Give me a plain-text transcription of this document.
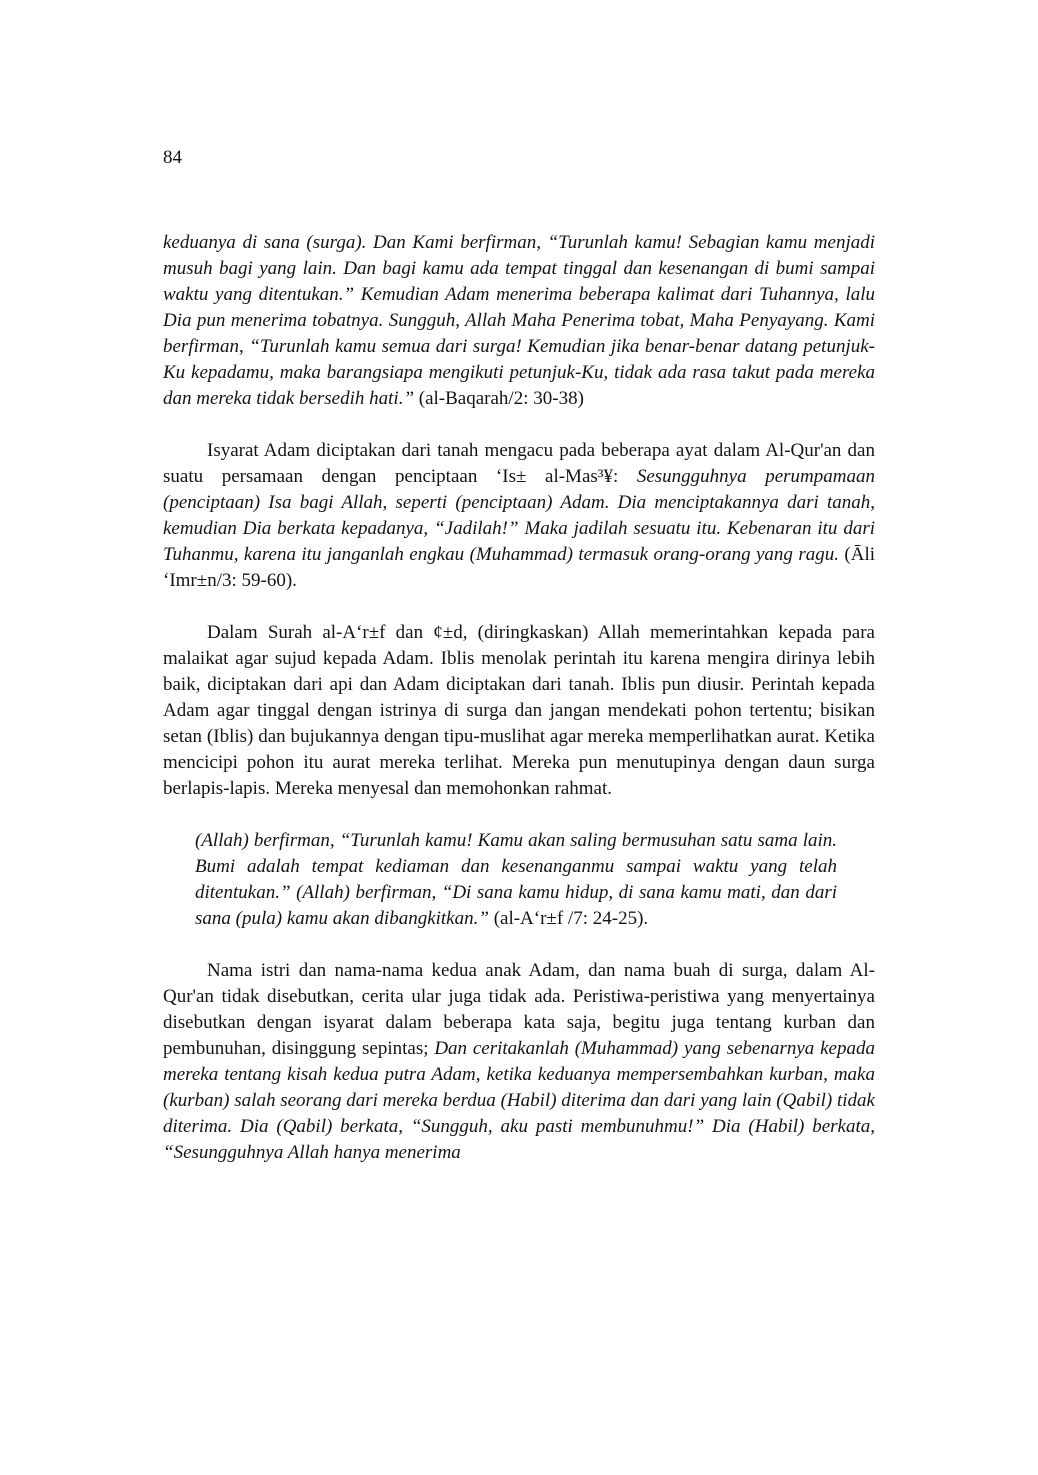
84

keduanya di sana (surga). Dan Kami berfirman, “Turunlah kamu! Sebagian kamu menjadi musuh bagi yang lain. Dan bagi kamu ada tempat tinggal dan kesenangan di bumi sampai waktu yang ditentukan.” Kemudian Adam menerima beberapa kalimat dari Tuhannya, lalu Dia pun menerima tobatnya. Sungguh, Allah Maha Penerima tobat, Maha Penyayang. Kami berfirman, “Turunlah kamu semua dari surga! Kemudian jika benar-benar datang petunjuk-Ku kepadamu, maka barangsiapa mengikuti petunjuk-Ku, tidak ada rasa takut pada mereka dan mereka tidak bersedih hati.” (al-Baqarah/2: 30-38)

Isyarat Adam diciptakan dari tanah mengacu pada beberapa ayat dalam Al-Qur'an dan suatu persamaan dengan penciptaan ‘Is± al-Mas³¥: Sesungguhnya perumpamaan (penciptaan) Isa bagi Allah, seperti (penciptaan) Adam. Dia menciptakannya dari tanah, kemudian Dia berkata kepadanya, “Jadilah!” Maka jadilah sesuatu itu. Kebenaran itu dari Tuhanmu, karena itu janganlah engkau (Muhammad) termasuk orang-orang yang ragu. (Āli ‘Imr±n/3: 59-60).

Dalam Surah al-A‘r±f dan ¢±d, (diringkaskan) Allah memerintahkan kepada para malaikat agar sujud kepada Adam. Iblis menolak perintah itu karena mengira dirinya lebih baik, diciptakan dari api dan Adam diciptakan dari tanah. Iblis pun diusir. Perintah kepada Adam agar tinggal dengan istrinya di surga dan jangan mendekati pohon tertentu; bisikan setan (Iblis) dan bujukannya dengan tipu-muslihat agar mereka memperlihatkan aurat. Ketika mencicipi pohon itu aurat mereka terlihat. Mereka pun menutupinya dengan daun surga berlapis-lapis. Mereka menyesal dan memohonkan rahmat.

(Allah) berfirman, “Turunlah kamu! Kamu akan saling bermusuhan satu sama lain. Bumi adalah tempat kediaman dan kesenanganmu sampai waktu yang telah ditentukan.” (Allah) berfirman, “Di sana kamu hidup, di sana kamu mati, dan dari sana (pula) kamu akan dibangkitkan.” (al-A‘r±f /7: 24-25).

Nama istri dan nama-nama kedua anak Adam, dan nama buah di surga, dalam Al-Qur'an tidak disebutkan, cerita ular juga tidak ada. Peristiwa-peristiwa yang menyertainya disebutkan dengan isyarat dalam beberapa kata saja, begitu juga tentang kurban dan pembunuhan, disinggung sepintas; Dan ceritakanlah (Muhammad) yang sebenarnya kepada mereka tentang kisah kedua putra Adam, ketika keduanya mempersembahkan kurban, maka (kurban) salah seorang dari mereka berdua (Habil) diterima dan dari yang lain (Qabil) tidak diterima. Dia (Qabil) berkata, “Sungguh, aku pasti membunuhmu!” Dia (Habil) berkata, “Sesungguhnya Allah hanya menerima
